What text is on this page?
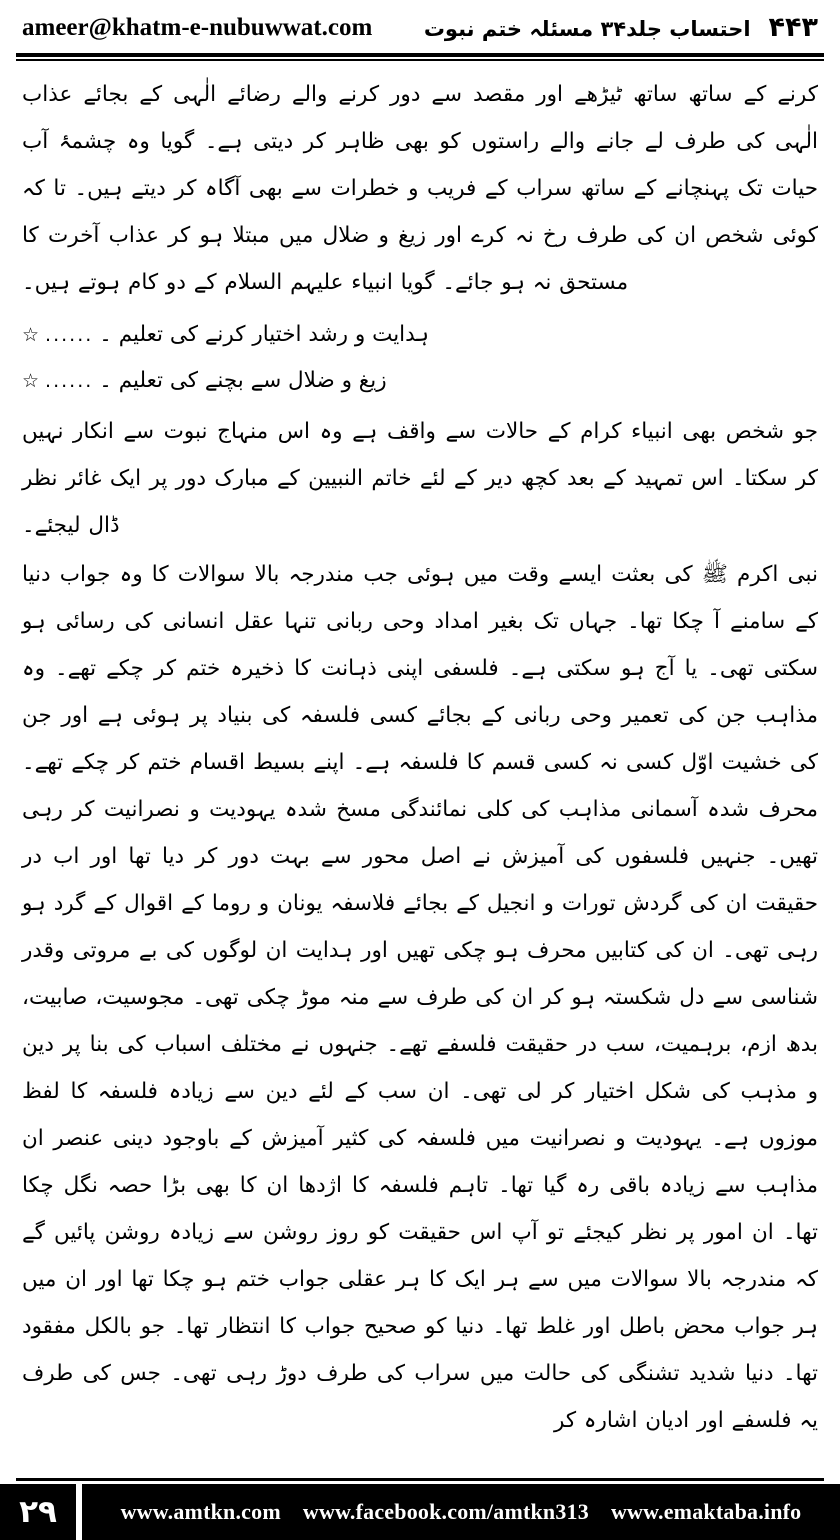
ameer@khatm-e-nubuwwat.com	۴۴۳
احتساب جلد۳۴ مسئلہ ختم نبوت

کرنے کے ساتھ ساتھ ٹیڑھے اور مقصد سے دور کرنے والے رضائے الٰہی کے بجائے عذاب الٰہی کی طرف لے جانے والے راستوں کو بھی ظاہر کر دیتی ہے۔ گویا وہ چشمۂ آب حیات تک پہنچانے کے ساتھ سراب کے فریب و خطرات سے بھی آگاہ کر دیتے ہیں۔ تا کہ کوئی شخص ان کی طرف رخ نہ کرے اور زیغ و ضلال میں مبتلا ہو کر عذاب آخرت کا مستحق نہ ہو جائے۔ گویا انبیاء علیہم السلام کے دو کام ہوتے ہیں۔

☆ ...... ہدایت و رشد اختیار کرنے کی تعلیم ۔
☆ ...... زیغ و ضلال سے بچنے کی تعلیم ۔

جو شخص بھی انبیاء کرام کے حالات سے واقف ہے وہ اس منہاج نبوت سے انکار نہیں کر سکتا۔ اس تمہید کے بعد کچھ دیر کے لئے خاتم النبیین کے مبارک دور پر ایک غائر نظر ڈال لیجئے۔

نبی اکرم ﷺ کی بعثت ایسے وقت میں ہوئی جب مندرجہ بالا سوالات کا وہ جواب دنیا کے سامنے آ چکا تھا۔ جہاں تک بغیر امداد وحی ربانی تنہا عقل انسانی کی رسائی ہو سکتی تھی۔ یا آج ہو سکتی ہے۔ فلسفی اپنی ذہانت کا ذخیرہ ختم کر چکے تھے۔ وہ مذاہب جن کی تعمیر وحی ربانی کے بجائے کسی فلسفہ کی بنیاد پر ہوئی ہے اور جن کی خشیت اوّل کسی نہ کسی قسم کا فلسفہ ہے۔ اپنے بسیط اقسام ختم کر چکے تھے۔ محرف شدہ آسمانی مذاہب کی کلی نمائندگی مسخ شدہ یہودیت و نصرانیت کر رہی تھیں۔ جنہیں فلسفوں کی آمیزش نے اصل محور سے بہت دور کر دیا تھا اور اب در حقیقت ان کی گردش تورات و انجیل کے بجائے فلاسفہ یونان و روما کے اقوال کے گرد ہو رہی تھی۔ ان کی کتابیں محرف ہو چکی تھیں اور ہدایت ان لوگوں کی بے مروتی وقدر شناسی سے دل شکستہ ہو کر ان کی طرف سے منہ موڑ چکی تھی۔ مجوسیت، صابیت، بدھ ازم، برہمیت، سب در حقیقت فلسفے تھے۔ جنہوں نے مختلف اسباب کی بنا پر دین و مذہب کی شکل اختیار کر لی تھی۔ ان سب کے لئے دین سے زیادہ فلسفہ کا لفظ موزوں ہے۔ یہودیت و نصرانیت میں فلسفہ کی کثیر آمیزش کے باوجود دینی عنصر ان مذاہب سے زیادہ باقی رہ گیا تھا۔ تاہم فلسفہ کا اژدھا ان کا بھی بڑا حصہ نگل چکا تھا۔ ان امور پر نظر کیجئے تو آپ اس حقیقت کو روز روشن سے زیادہ روشن پائیں گے کہ مندرجہ بالا سوالات میں سے ہر ایک کا ہر عقلی جواب ختم ہو چکا تھا اور ان میں ہر جواب محض باطل اور غلط تھا۔ دنیا کو صحیح جواب کا انتظار تھا۔ جو بالکل مفقود تھا۔ دنیا شدید تشنگی کی حالت میں سراب کی طرف دوڑ رہی تھی۔ جس کی طرف یہ فلسفے اور ادیان اشارہ کر

۲۹	www.amtkn.com www.facebook.com/amtkn313 www.emaktaba.info
